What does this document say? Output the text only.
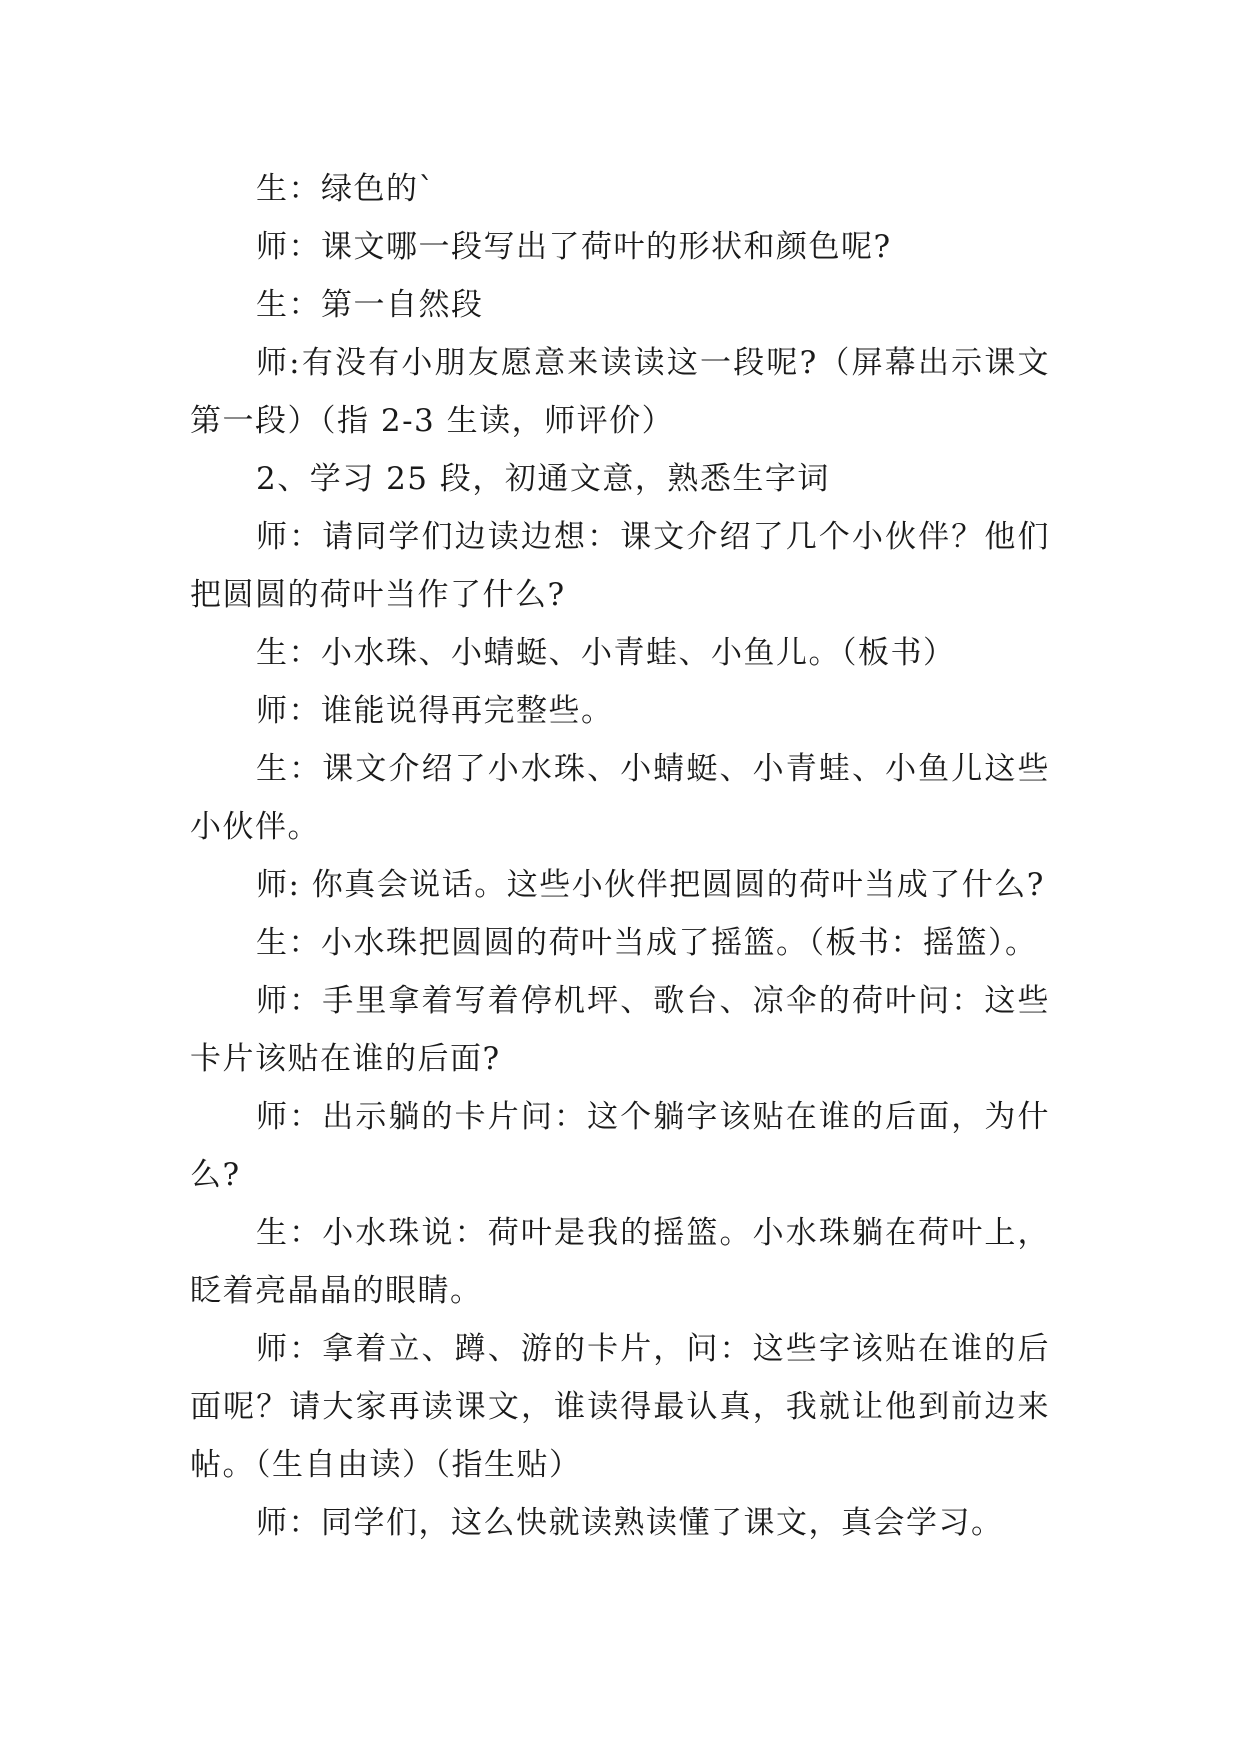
生：绿色的`

师：课文哪一段写出了荷叶的形状和颜色呢?

生：第一自然段

师:有没有小朋友愿意来读读这一段呢?（屏幕出示课文第一段）（指 2-3 生读，师评价）

2、学习 25 段，初通文意，熟悉生字词

师：请同学们边读边想：课文介绍了几个小伙伴？他们把圆圆的荷叶当作了什么?

生：小水珠、小蜻蜓、小青蛙、小鱼儿。（板书）

师：谁能说得再完整些。

生：课文介绍了小水珠、小蜻蜓、小青蛙、小鱼儿这些小伙伴。

师: 你真会说话。这些小伙伴把圆圆的荷叶当成了什么?

生：小水珠把圆圆的荷叶当成了摇篮。（板书：摇篮）。

师：手里拿着写着停机坪、歌台、凉伞的荷叶问：这些卡片该贴在谁的后面?

师：出示躺的卡片问：这个躺字该贴在谁的后面，为什么?

生：小水珠说：荷叶是我的摇篮。小水珠躺在荷叶上，眨着亮晶晶的眼睛。

师：拿着立、蹲、游的卡片，问：这些字该贴在谁的后面呢？请大家再读课文，谁读得最认真，我就让他到前边来帖。（生自由读）（指生贴）

师：同学们，这么快就读熟读懂了课文，真会学习。
